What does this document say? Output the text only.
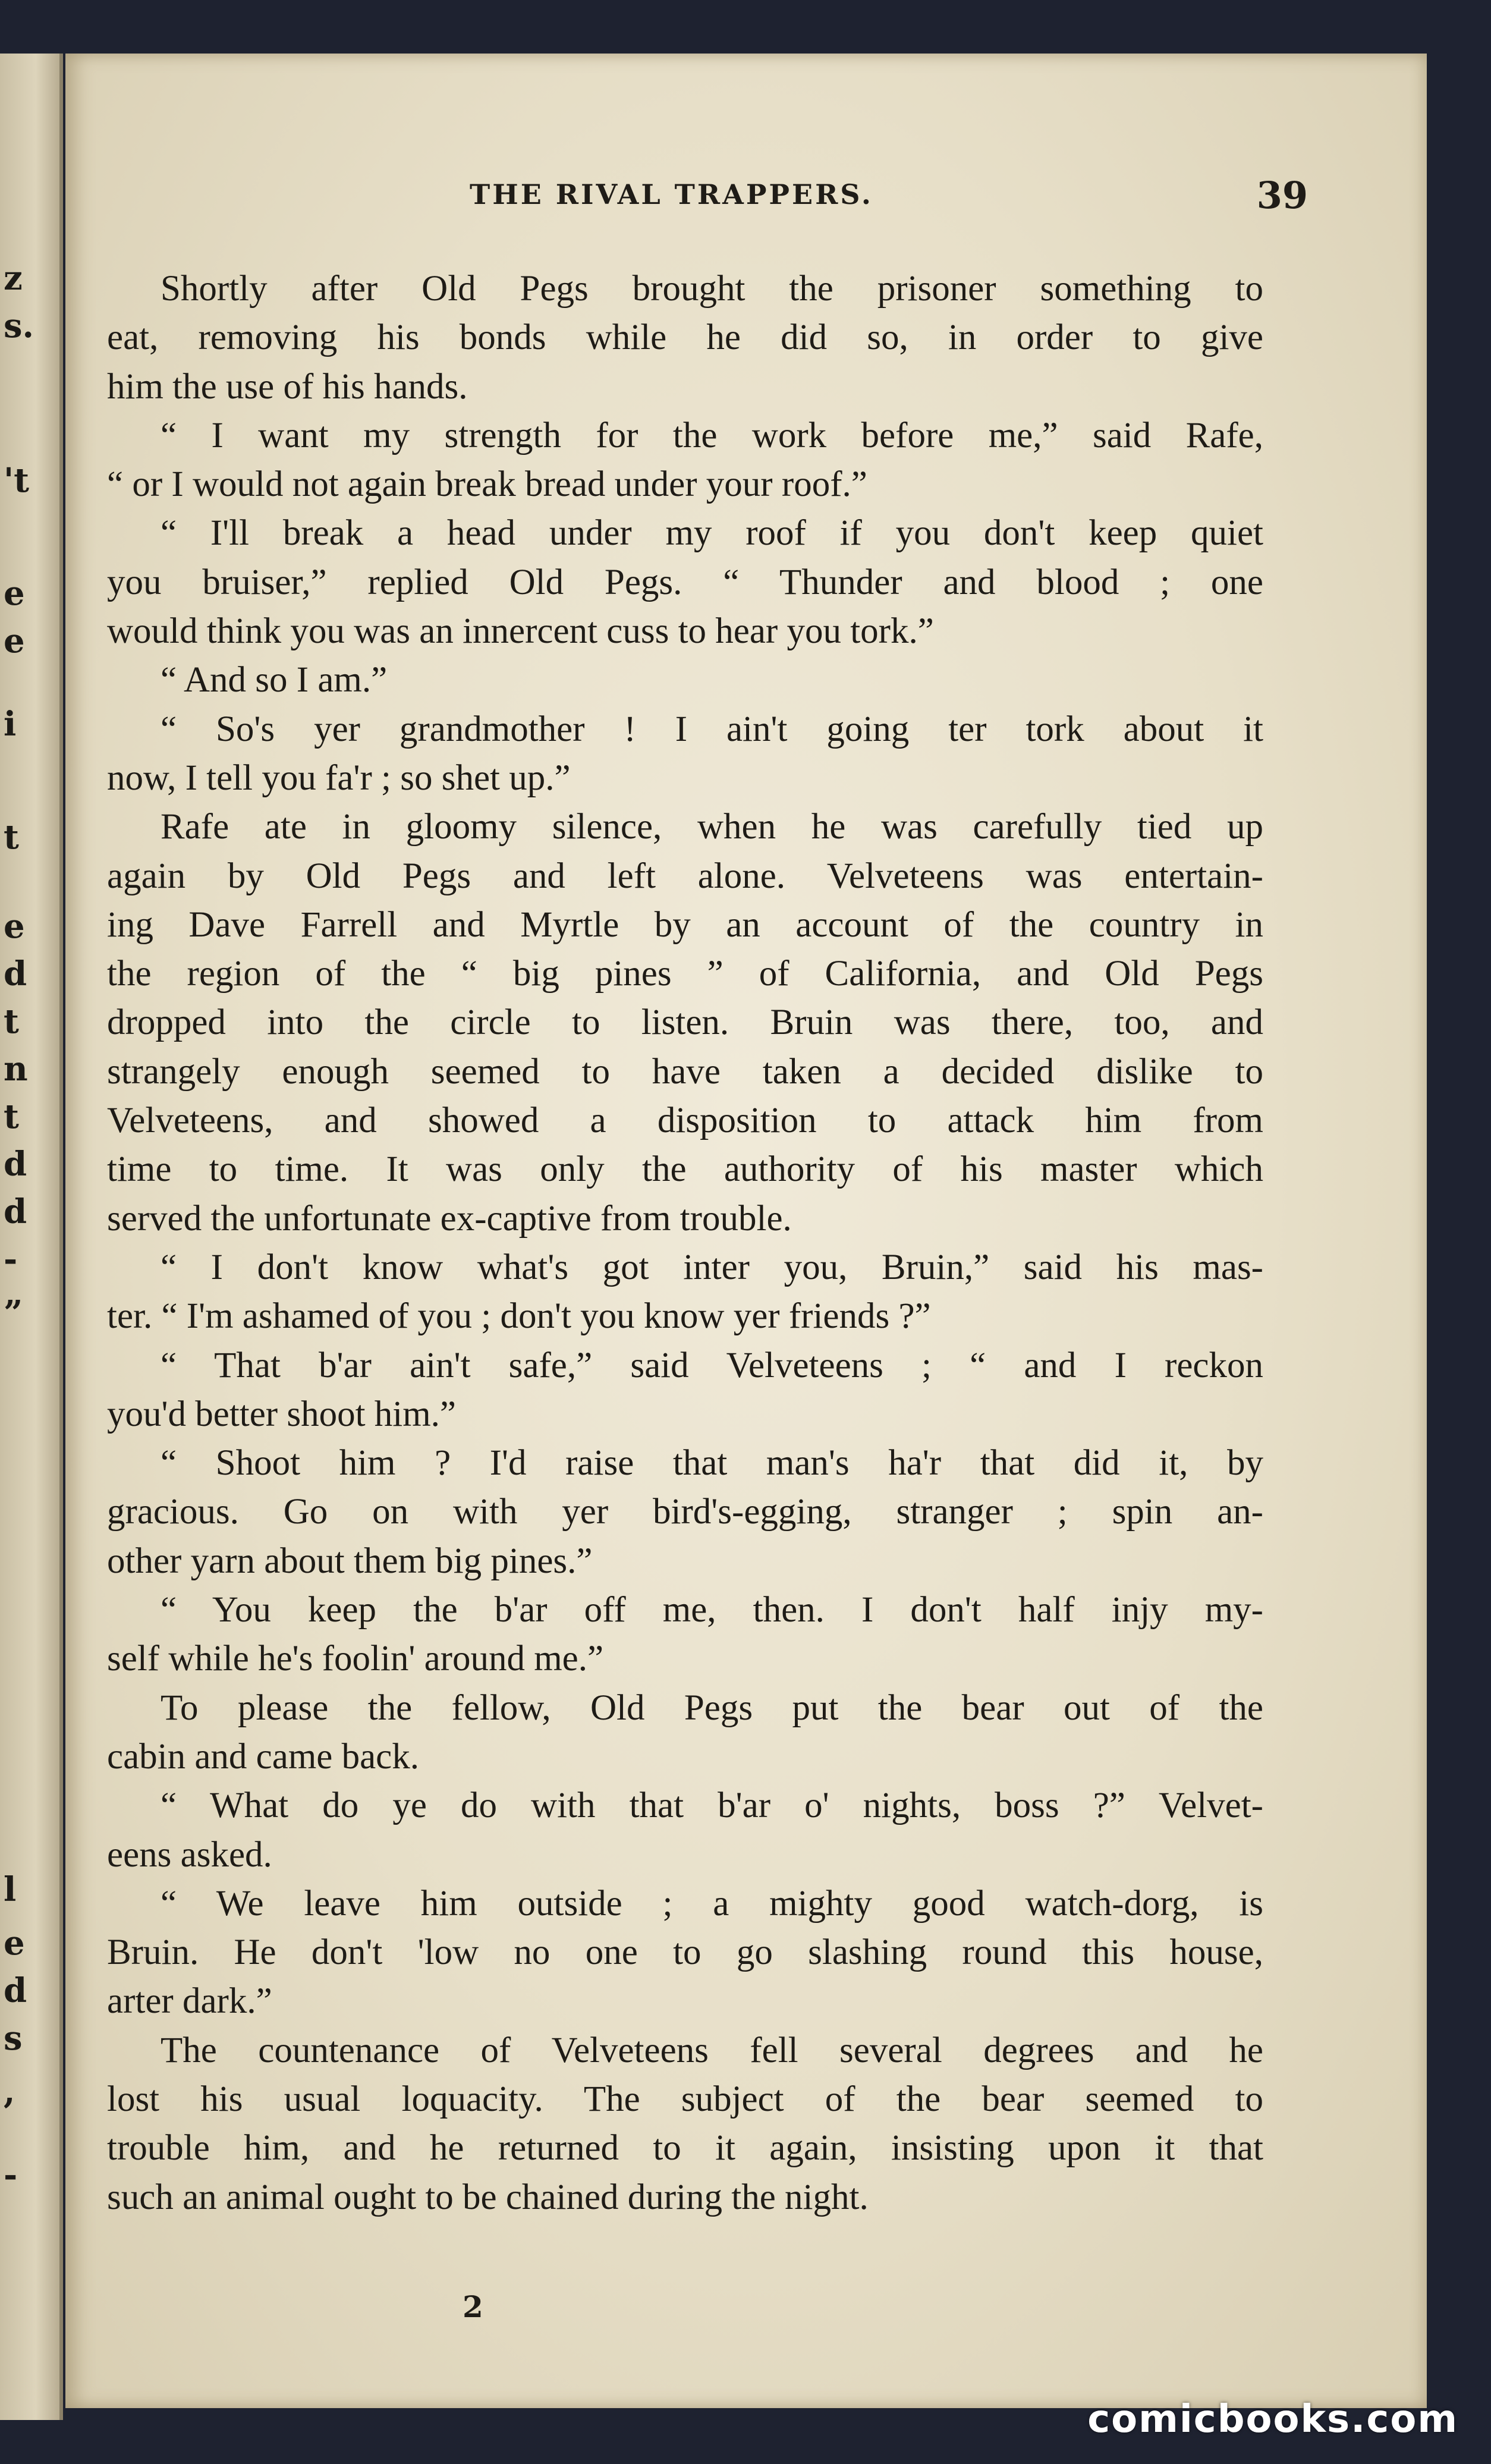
z
s.
't
e
e
i
t
e
d
t
n
t
d
d
-
”
l
e
d
s
,
-
THE RIVAL TRAPPERS.	39
Shortly after Old Pegs brought the prisoner something to
eat, removing his bonds while he did so, in order to give
him the use of his hands.
“ I want my strength for the work before me,” said Rafe,
“ or I would not again break bread under your roof.”
“ I'll break a head under my roof if you don't keep quiet
you bruiser,” replied Old Pegs. “ Thunder and blood ; one
would think you was an innercent cuss to hear you tork.”
“ And so I am.”
“ So's yer grandmother ! I ain't going ter tork about it
now, I tell you fa'r ; so shet up.”
Rafe ate in gloomy silence, when he was carefully tied up
again by Old Pegs and left alone. Velveteens was entertain-
ing Dave Farrell and Myrtle by an account of the country in
the region of the “ big pines ” of California, and Old Pegs
dropped into the circle to listen. Bruin was there, too, and
strangely enough seemed to have taken a decided dislike to
Velveteens, and showed a disposition to attack him from
time to time. It was only the authority of his master which
served the unfortunate ex-captive from trouble.
“ I don't know what's got inter you, Bruin,” said his mas-
ter. “ I'm ashamed of you ; don't you know yer friends ?”
“ That b'ar ain't safe,” said Velveteens ; “ and I reckon
you'd better shoot him.”
“ Shoot him ? I'd raise that man's ha'r that did it, by
gracious. Go on with yer bird's-egging, stranger ; spin an-
other yarn about them big pines.”
“ You keep the b'ar off me, then. I don't half injy my-
self while he's foolin' around me.”
To please the fellow, Old Pegs put the bear out of the
cabin and came back.
“ What do ye do with that b'ar o' nights, boss ?” Velvet-
eens asked.
“ We leave him outside ; a mighty good watch-dorg, is
Bruin. He don't 'low no one to go slashing round this house,
arter dark.”
The countenance of Velveteens fell several degrees and he
lost his usual loquacity. The subject of the bear seemed to
trouble him, and he returned to it again, insisting upon it that
such an animal ought to be chained during the night.
2
comicbooks.com
